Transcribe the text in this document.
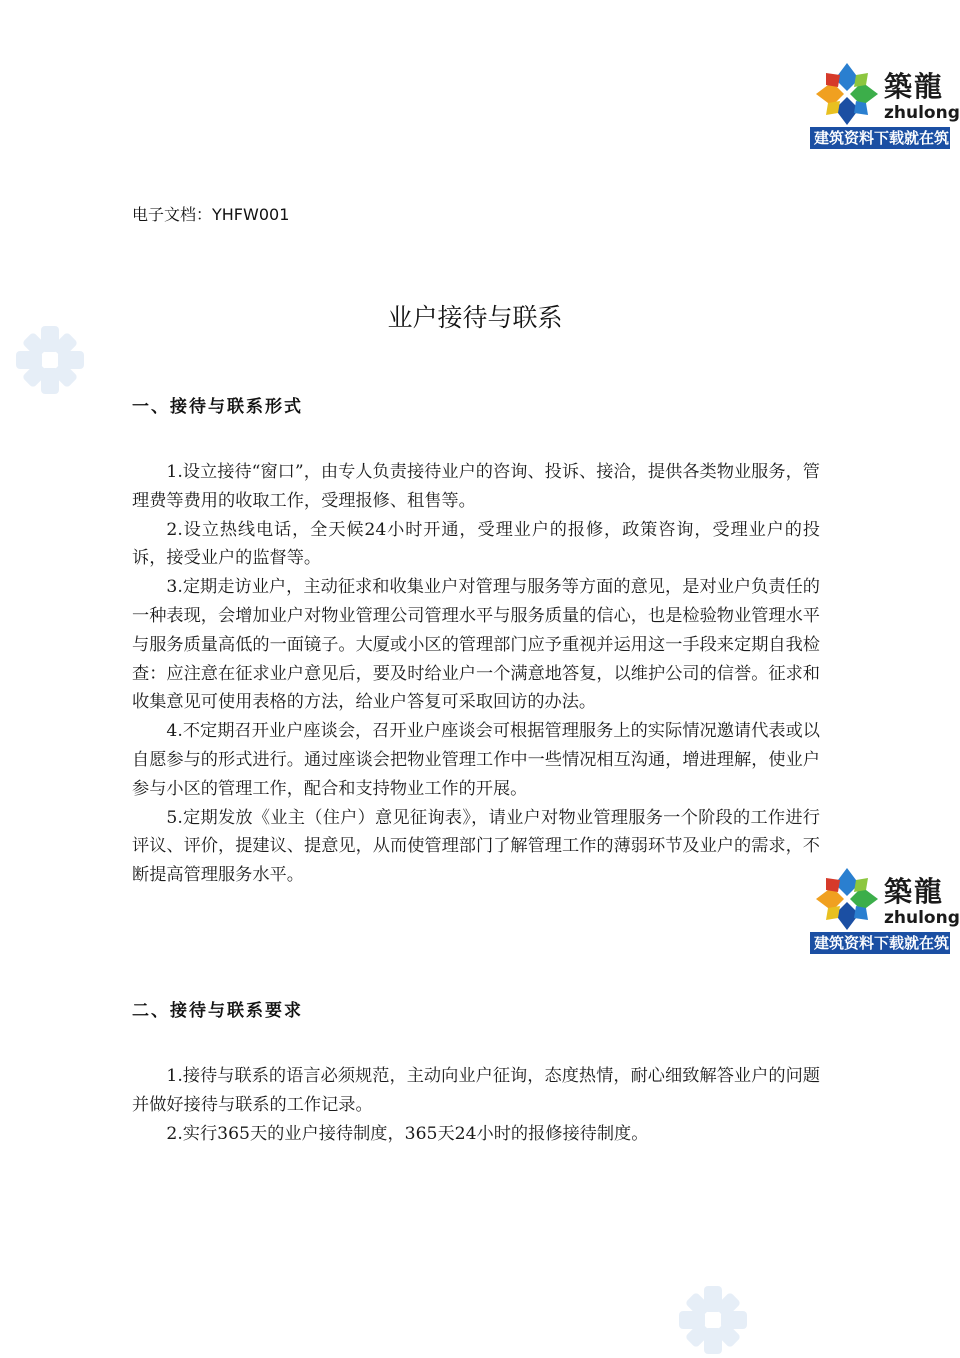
築龍
zhulong
建筑资料下载就在筑
築龍
zhulong
建筑资料下载就在筑
电子文档：YHFW001
业户接待与联系
一、接待与联系形式

1.设立接待“窗口”，由专人负责接待业户的咨询、投诉、接洽，提供各类物业服务，管理费等费用的收取工作，受理报修、租售等。

2.设立热线电话，全天候24小时开通，受理业户的报修，政策咨询，受理业户的投诉，接受业户的监督等。

3.定期走访业户，主动征求和收集业户对管理与服务等方面的意见，是对业户负责任的一种表现，会增加业户对物业管理公司管理水平与服务质量的信心，也是检验物业管理水平与服务质量高低的一面镜子。大厦或小区的管理部门应予重视并运用这一手段来定期自我检查：应注意在征求业户意见后，要及时给业户一个满意地答复，以维护公司的信誉。征求和收集意见可使用表格的方法，给业户答复可采取回访的办法。

4.不定期召开业户座谈会，召开业户座谈会可根据管理服务上的实际情况邀请代表或以自愿参与的形式进行。通过座谈会把物业管理工作中一些情况相互沟通，增进理解，使业户参与小区的管理工作，配合和支持物业工作的开展。

5.定期发放《业主（住户）意见征询表》，请业户对物业管理服务一个阶段的工作进行评议、评价，提建议、提意见，从而使管理部门了解管理工作的薄弱环节及业户的需求，不断提高管理服务水平。

二、接待与联系要求

1.接待与联系的语言必须规范，主动向业户征询，态度热情，耐心细致解答业户的问题并做好接待与联系的工作记录。

2.实行365天的业户接待制度，365天24小时的报修接待制度。
